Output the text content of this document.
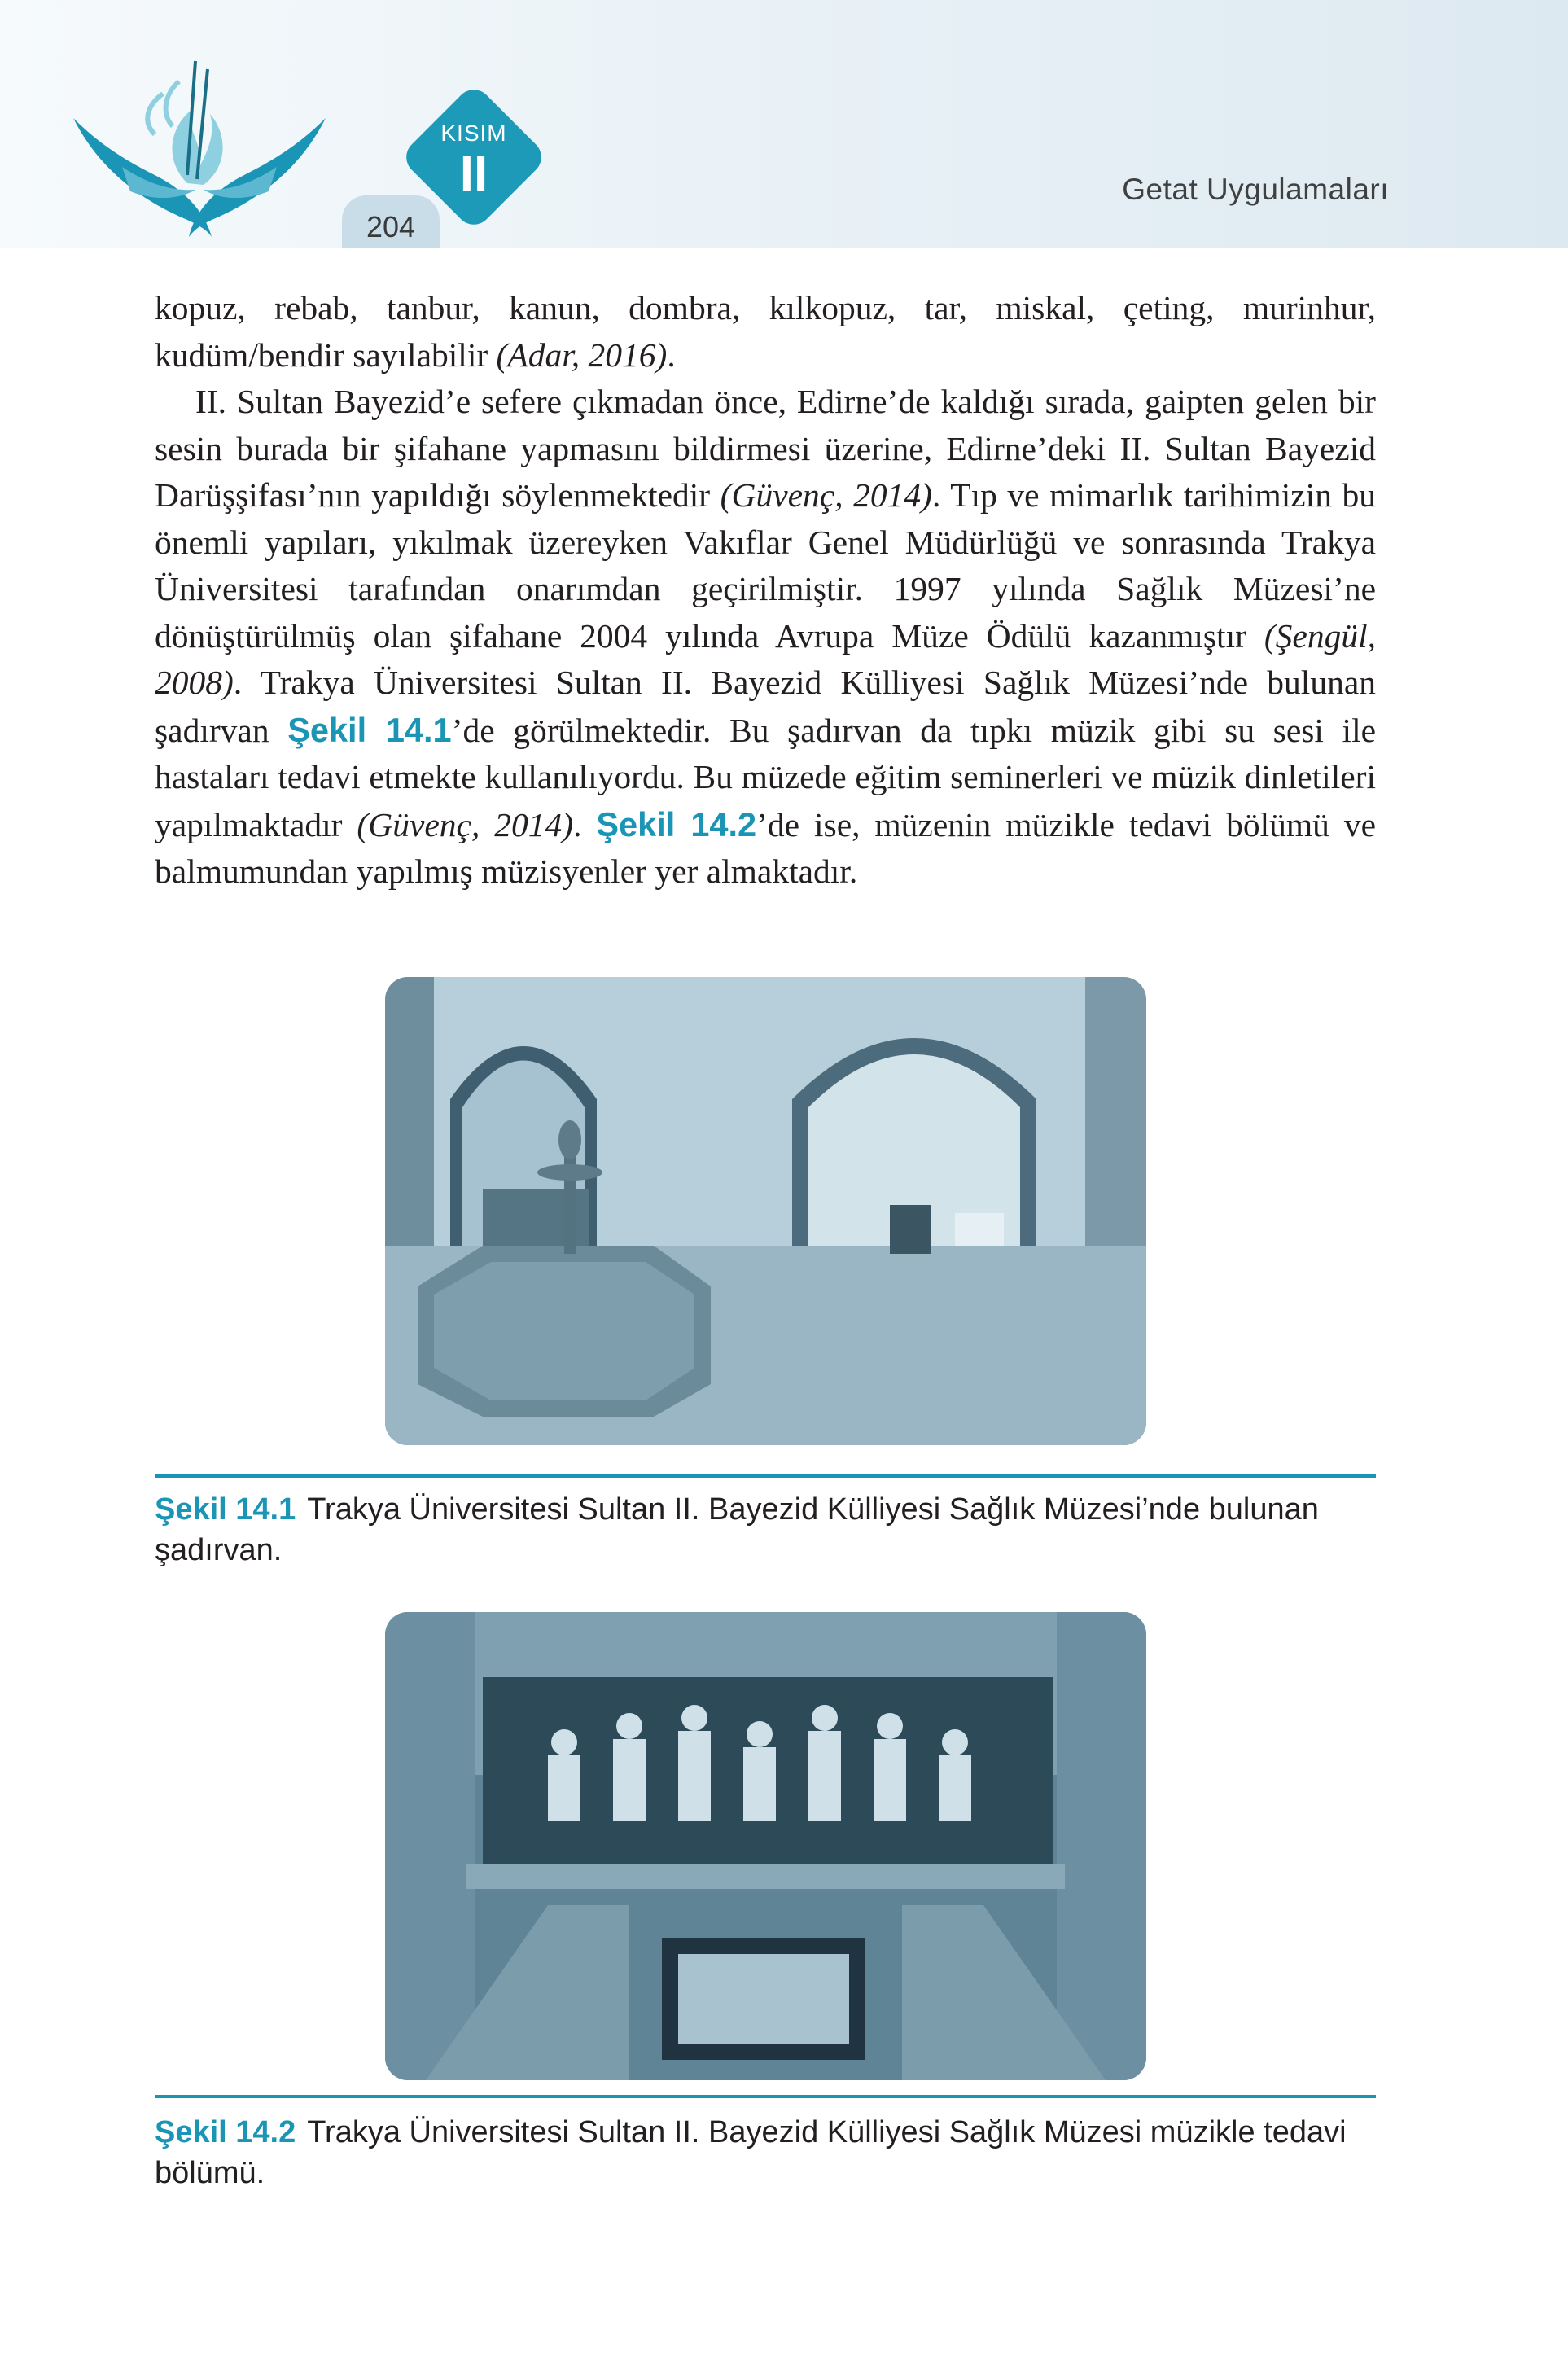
204
KISIM
II	Getat Uygulamaları

kopuz, rebab, tanbur, kanun, dombra, kılkopuz, tar, miskal, çeting, murinhur, kudüm/bendir sayılabilir (Adar, 2016).

II. Sultan Bayezid’e sefere çıkmadan önce, Edirne’de kaldığı sırada, gaipten gelen bir sesin burada bir şifahane yapmasını bildirmesi üzerine, Edirne’deki II. Sultan Bayezid Darüşşifası’nın yapıldığı söylenmektedir (Güvenç, 2014). Tıp ve mimarlık tarihimizin bu önemli yapıları, yıkılmak üzereyken Vakıflar Genel Müdürlüğü ve sonrasında Trakya Üniversitesi tarafından onarımdan geçirilmiştir. 1997 yılında Sağlık Müzesi’ne dönüştürülmüş olan şifahane 2004 yılında Avrupa Müze Ödülü kazanmıştır (Şengül, 2008). Trakya Üniversitesi Sultan II. Bayezid Külliyesi Sağlık Müzesi’nde bulunan şadırvan Şekil 14.1’de görülmektedir. Bu şadırvan da tıpkı müzik gibi su sesi ile hastaları tedavi etmekte kullanılıyordu. Bu müzede eğitim seminerleri ve müzik dinletileri yapılmaktadır (Güvenç, 2014). Şekil 14.2’de ise, müzenin müzikle tedavi bölümü ve balmumundan yapılmış müzisyenler yer almaktadır.

Şekil 14.1 Trakya Üniversitesi Sultan II. Bayezid Külliyesi Sağlık Müzesi’nde bulunan şadırvan.
Şekil 14.2 Trakya Üniversitesi Sultan II. Bayezid Külliyesi Sağlık Müzesi müzikle tedavi bölümü.
